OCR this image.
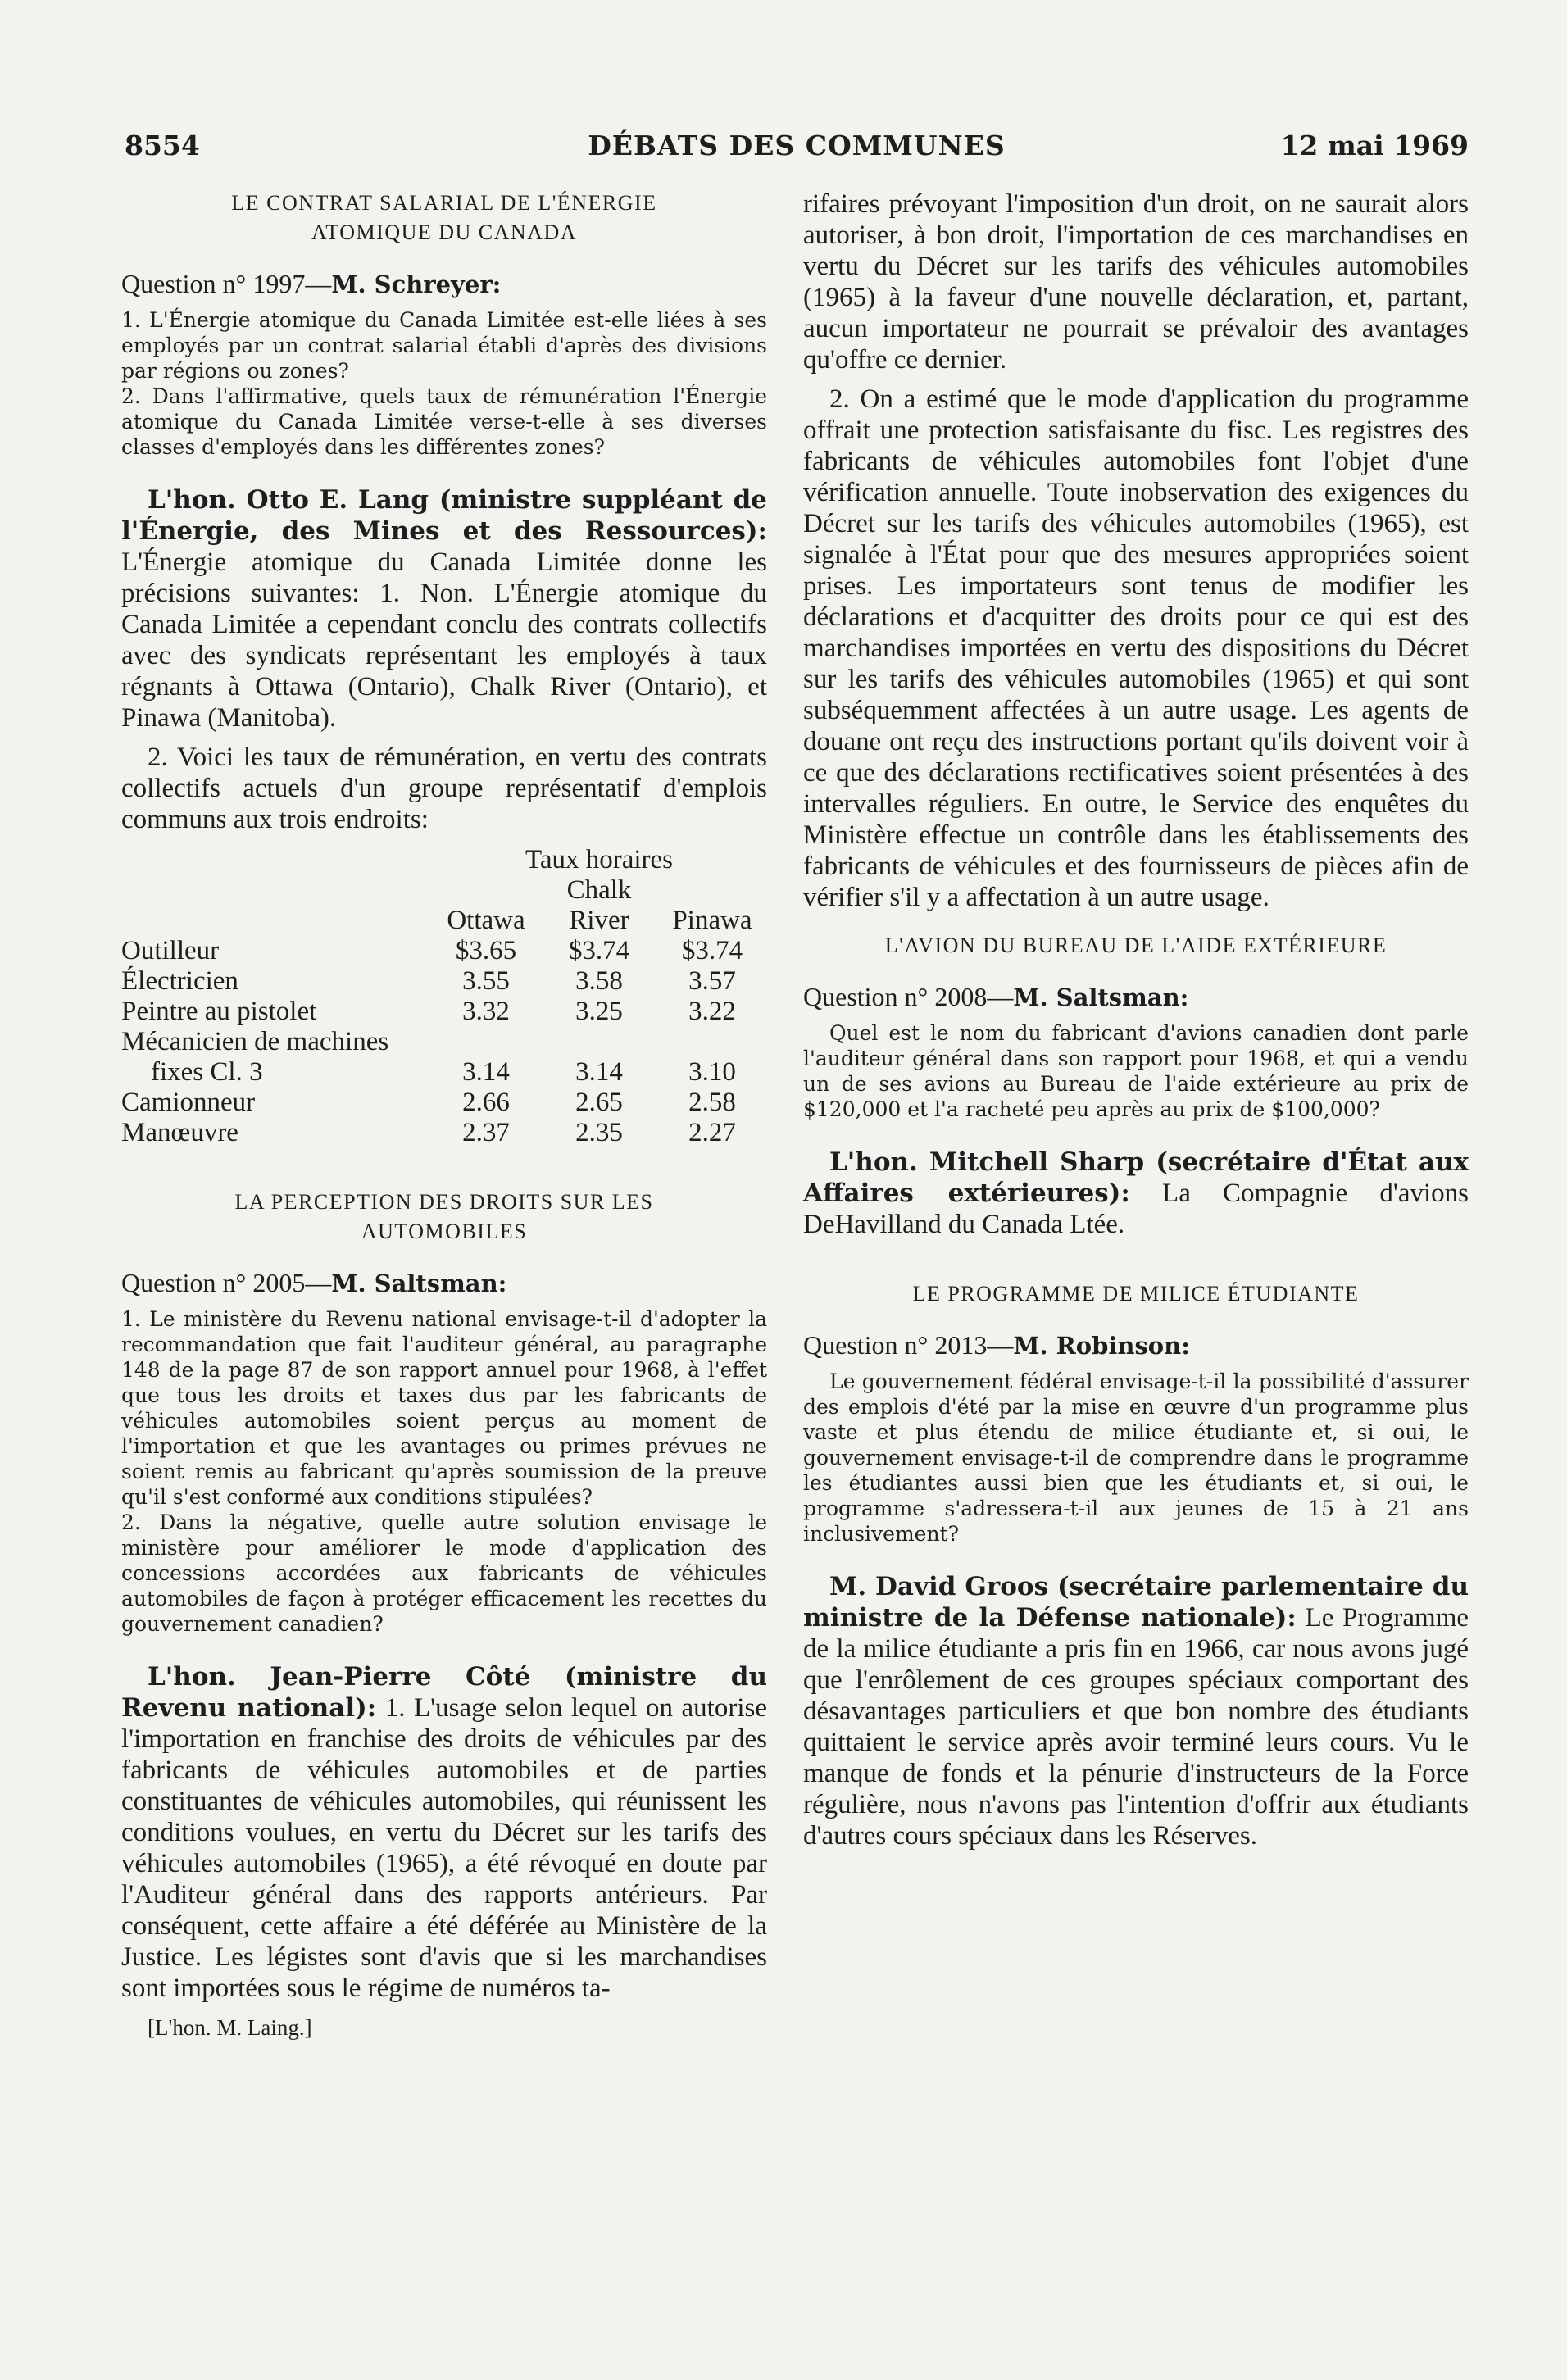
8554	DÉBATS DES COMMUNES	12 mai 1969
LE CONTRAT SALARIAL DE L'ÉNERGIE
ATOMIQUE DU CANADA
Question n° 1997—M. Schreyer:

1. L'Énergie atomique du Canada Limitée est-elle liées à ses employés par un contrat salarial établi d'après des divisions par régions ou zones?

2. Dans l'affirmative, quels taux de rémunération l'Énergie atomique du Canada Limitée verse-t-elle à ses diverses classes d'employés dans les différentes zones?

L'hon. Otto E. Lang (ministre suppléant de l'Énergie, des Mines et des Ressources): L'Énergie atomique du Canada Limitée donne les précisions suivantes: 1. Non. L'Énergie atomique du Canada Limitée a cependant conclu des contrats collectifs avec des syndicats représentant les employés à taux régnants à Ottawa (Ontario), Chalk River (Ontario), et Pinawa (Manitoba).

2. Voici les taux de rémunération, en vertu des contrats collectifs actuels d'un groupe représentatif d'emplois communs aux trois endroits:

	Taux horaires		
		Chalk	
	Ottawa	River	Pinawa
Outilleur	$3.65	$3.74	$3.74
Électricien	3.55	3.58	3.57
Peintre au pistolet	3.32	3.25	3.22
Mécanicien de machines			
fixes Cl. 3	3.14	3.14	3.10
Camionneur	2.66	2.65	2.58
Manœuvre	2.37	2.35	2.27
LA PERCEPTION DES DROITS SUR LES
AUTOMOBILES
Question n° 2005—M. Saltsman:

1. Le ministère du Revenu national envisage-t-il d'adopter la recommandation que fait l'auditeur général, au paragraphe 148 de la page 87 de son rapport annuel pour 1968, à l'effet que tous les droits et taxes dus par les fabricants de véhicules automobiles soient perçus au moment de l'importation et que les avantages ou primes prévues ne soient remis au fabricant qu'après soumission de la preuve qu'il s'est conformé aux conditions stipulées?

2. Dans la négative, quelle autre solution envisage le ministère pour améliorer le mode d'application des concessions accordées aux fabricants de véhicules automobiles de façon à protéger efficacement les recettes du gouvernement canadien?

L'hon. Jean-Pierre Côté (ministre du Revenu national): 1. L'usage selon lequel on autorise l'importation en franchise des droits de véhicules par des fabricants de véhicules automobiles et de parties constituantes de véhicules automobiles, qui réunissent les conditions voulues, en vertu du Décret sur les tarifs des véhicules automobiles (1965), a été révoqué en doute par l'Auditeur général dans des rapports antérieurs. Par conséquent, cette affaire a été déférée au Ministère de la Justice. Les légistes sont d'avis que si les marchandises sont importées sous le régime de numéros ta-

[L'hon. M. Laing.]

rifaires prévoyant l'imposition d'un droit, on ne saurait alors autoriser, à bon droit, l'importation de ces marchandises en vertu du Décret sur les tarifs des véhicules automobiles (1965) à la faveur d'une nouvelle déclaration, et, partant, aucun importateur ne pourrait se prévaloir des avantages qu'offre ce dernier.

2. On a estimé que le mode d'application du programme offrait une protection satisfaisante du fisc. Les registres des fabricants de véhicules automobiles font l'objet d'une vérification annuelle. Toute inobservation des exigences du Décret sur les tarifs des véhicules automobiles (1965), est signalée à l'État pour que des mesures appropriées soient prises. Les importateurs sont tenus de modifier les déclarations et d'acquitter des droits pour ce qui est des marchandises importées en vertu des dispositions du Décret sur les tarifs des véhicules automobiles (1965) et qui sont subséquemment affectées à un autre usage. Les agents de douane ont reçu des instructions portant qu'ils doivent voir à ce que des déclarations rectificatives soient présentées à des intervalles réguliers. En outre, le Service des enquêtes du Ministère effectue un contrôle dans les établissements des fabricants de véhicules et des fournisseurs de pièces afin de vérifier s'il y a affectation à un autre usage.

L'AVION DU BUREAU DE L'AIDE EXTÉRIEURE
Question n° 2008—M. Saltsman:

Quel est le nom du fabricant d'avions canadien dont parle l'auditeur général dans son rapport pour 1968, et qui a vendu un de ses avions au Bureau de l'aide extérieure au prix de $120,000 et l'a racheté peu après au prix de $100,000?

L'hon. Mitchell Sharp (secrétaire d'État aux Affaires extérieures): La Compagnie d'avions DeHavilland du Canada Ltée.

LE PROGRAMME DE MILICE ÉTUDIANTE
Question n° 2013—M. Robinson:

Le gouvernement fédéral envisage-t-il la possibilité d'assurer des emplois d'été par la mise en œuvre d'un programme plus vaste et plus étendu de milice étudiante et, si oui, le gouvernement envisage-t-il de comprendre dans le programme les étudiantes aussi bien que les étudiants et, si oui, le programme s'adressera-t-il aux jeunes de 15 à 21 ans inclusivement?

M. David Groos (secrétaire parlementaire du ministre de la Défense nationale): Le Programme de la milice étudiante a pris fin en 1966, car nous avons jugé que l'enrôlement de ces groupes spéciaux comportant des désavantages particuliers et que bon nombre des étudiants quittaient le service après avoir terminé leurs cours. Vu le manque de fonds et la pénurie d'instructeurs de la Force régulière, nous n'avons pas l'intention d'offrir aux étudiants d'autres cours spéciaux dans les Réserves.
